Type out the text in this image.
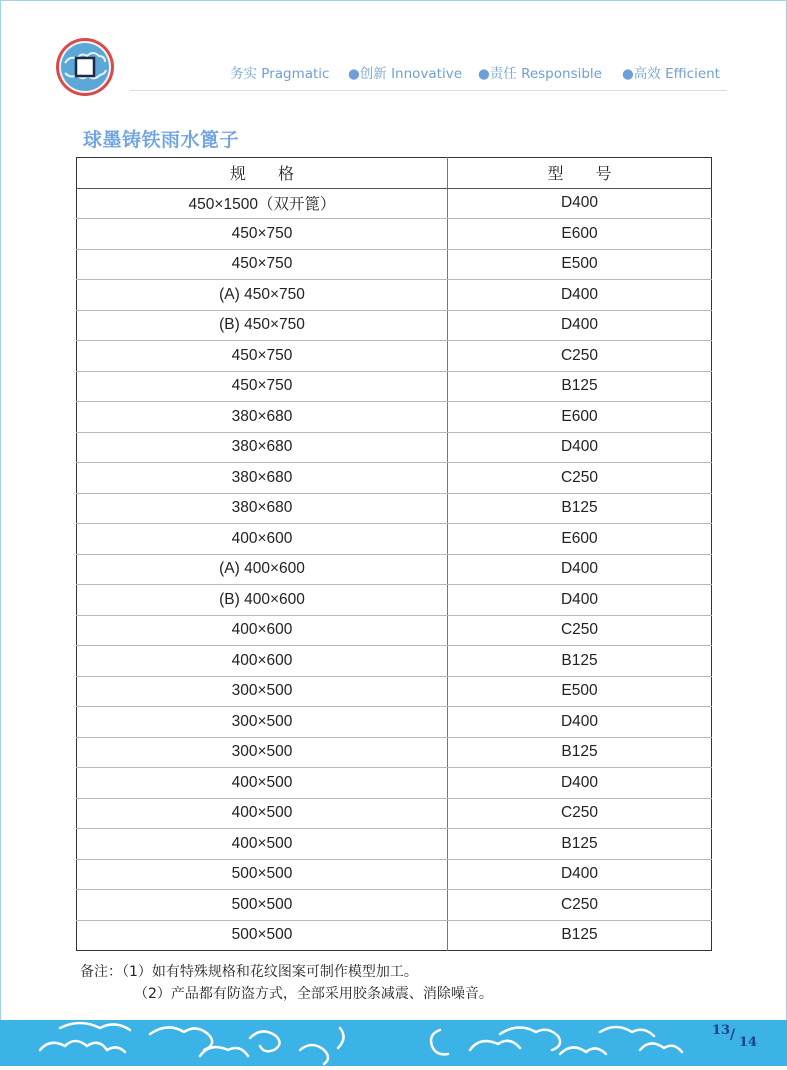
务实 Pragmatic ●创新 Innovative ●责任 Responsible ●高效 Efficient
球墨铸铁雨水篦子
规　　格	型　　号
450×1500（双开篦）	D400
450×750	E600
450×750	E500
(A) 450×750	D400
(B) 450×750	D400
450×750	C250
450×750	B125
380×680	E600
380×680	D400
380×680	C250
380×680	B125
400×600	E600
(A) 400×600	D400
(B) 400×600	D400
400×600	C250
400×600	B125
300×500	E500
300×500	D400
300×500	B125
400×500	D400
400×500	C250
400×500	B125
500×500	D400
500×500	C250
500×500	B125
备注：（1）如有特殊规格和花纹图案可制作模型加工。
（2）产品都有防盗方式，全部采用胶条减震、消除噪音。
13 / 14
